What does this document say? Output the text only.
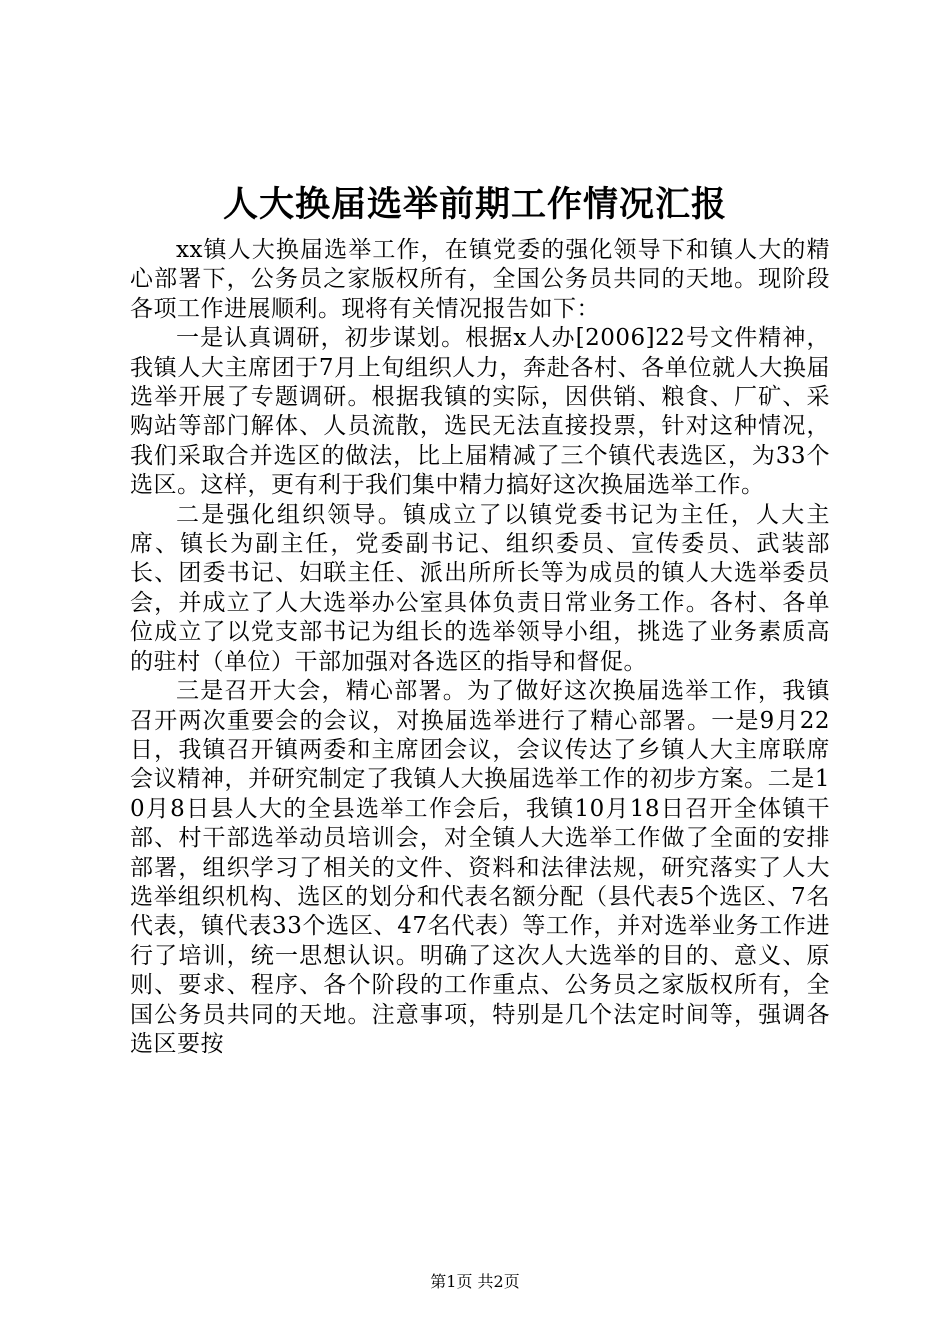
人大换届选举前期工作情况汇报

xx镇人大换届选举工作，在镇党委的强化领导下和镇人大的精心部署下，公务员之家版权所有，全国公务员共同的天地。现阶段各项工作进展顺利。现将有关情况报告如下：

一是认真调研，初步谋划。根据x人办[2006]22号文件精神，我镇人大主席团于7月上旬组织人力，奔赴各村、各单位就人大换届选举开展了专题调研。根据我镇的实际，因供销、粮食、厂矿、采购站等部门解体、人员流散，选民无法直接投票，针对这种情况，我们采取合并选区的做法，比上届精减了三个镇代表选区，为33个选区。这样，更有利于我们集中精力搞好这次换届选举工作。

二是强化组织领导。镇成立了以镇党委书记为主任，人大主席、镇长为副主任，党委副书记、组织委员、宣传委员、武装部长、团委书记、妇联主任、派出所所长等为成员的镇人大选举委员会，并成立了人大选举办公室具体负责日常业务工作。各村、各单位成立了以党支部书记为组长的选举领导小组，挑选了业务素质高的驻村（单位）干部加强对各选区的指导和督促。

三是召开大会，精心部署。为了做好这次换届选举工作，我镇召开两次重要会的会议，对换届选举进行了精心部署。一是9月22日，我镇召开镇两委和主席团会议，会议传达了乡镇人大主席联席会议精神，并研究制定了我镇人大换届选举工作的初步方案。二是10月8日县人大的全县选举工作会后，我镇10月18日召开全体镇干部、村干部选举动员培训会，对全镇人大选举工作做了全面的安排部署，组织学习了相关的文件、资料和法律法规，研究落实了人大选举组织机构、选区的划分和代表名额分配（县代表5个选区、7名代表，镇代表33个选区、47名代表）等工作，并对选举业务工作进行了培训，统一思想认识。明确了这次人大选举的目的、意义、原则、要求、程序、各个阶段的工作重点、公务员之家版权所有，全国公务员共同的天地。注意事项，特别是几个法定时间等，强调各选区要按

第1页 共2页
